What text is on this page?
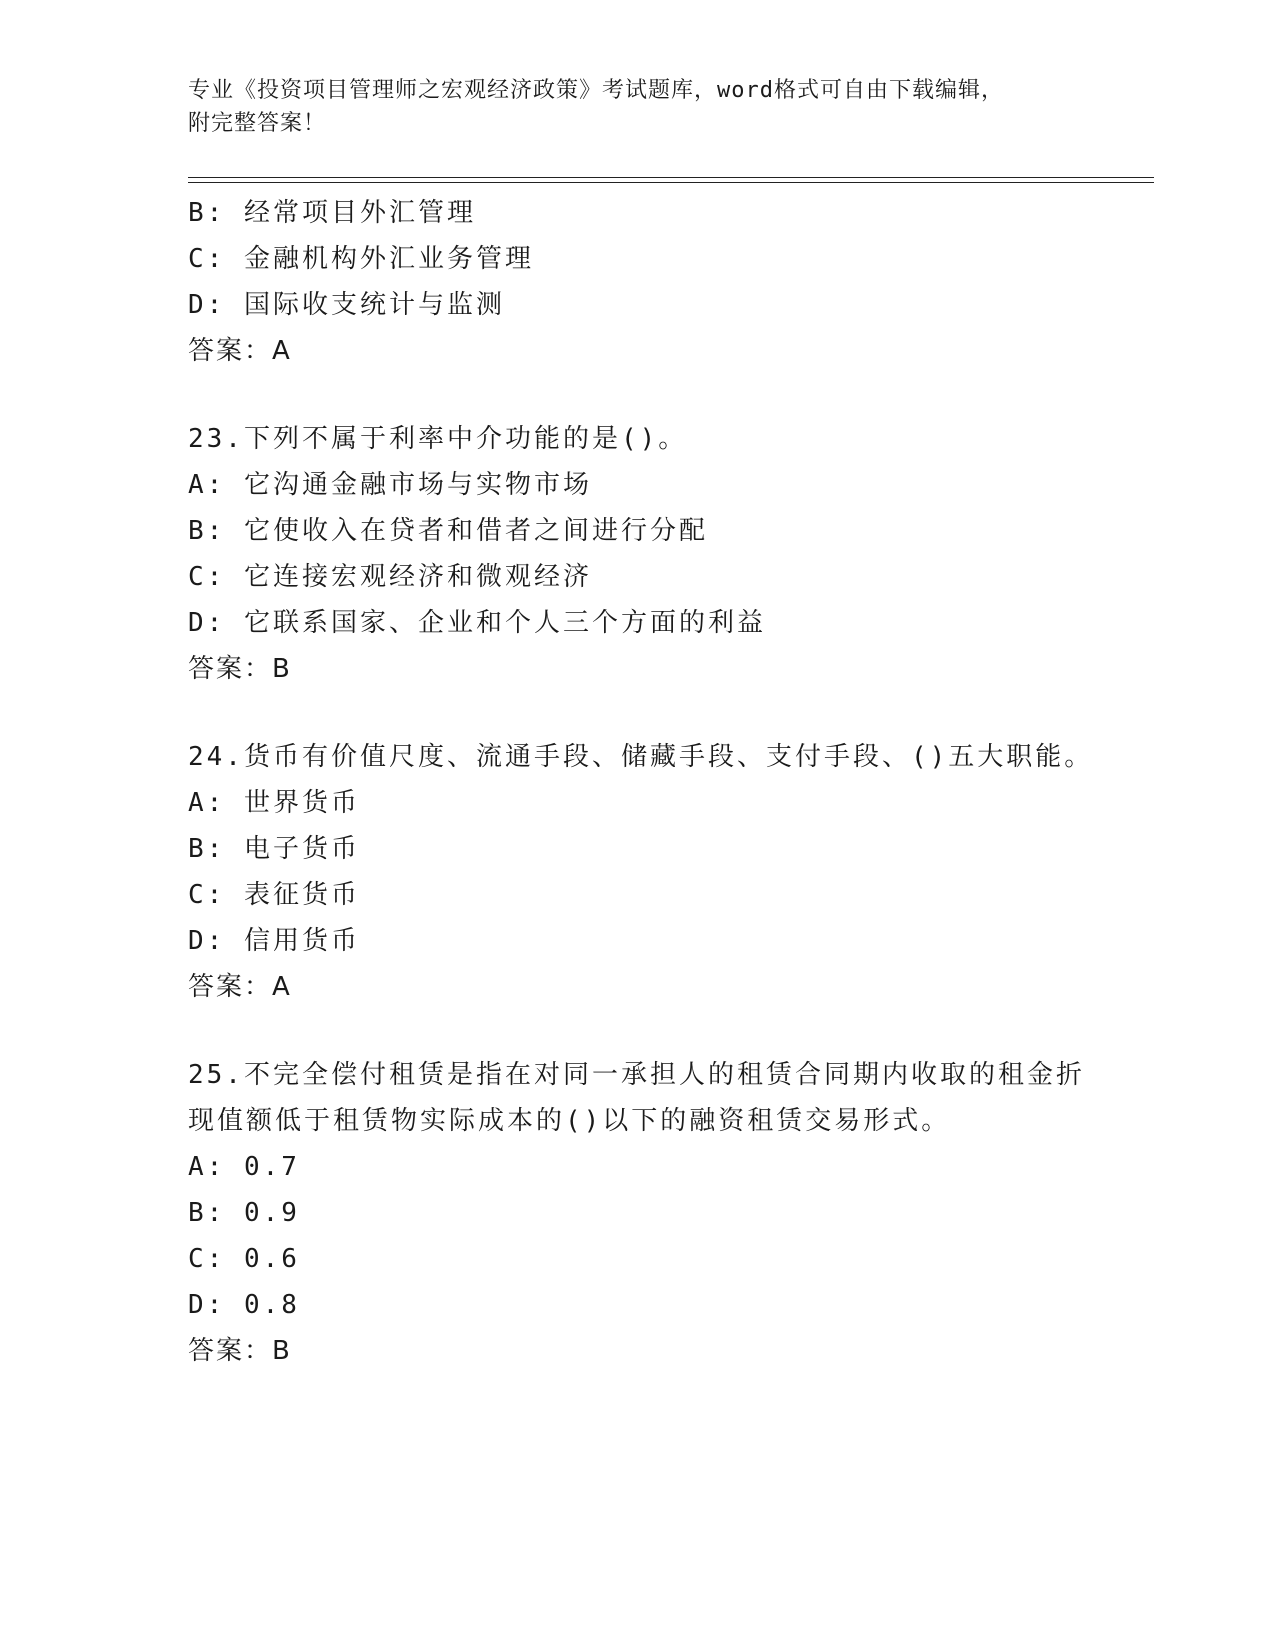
专业《投资项目管理师之宏观经济政策》考试题库，word格式可自由下载编辑，
附完整答案！
B: 经常项目外汇管理
C: 金融机构外汇业务管理
D: 国际收支统计与监测
答案：A
23.下列不属于利率中介功能的是()。
A: 它沟通金融市场与实物市场
B: 它使收入在贷者和借者之间进行分配
C: 它连接宏观经济和微观经济
D: 它联系国家、企业和个人三个方面的利益
答案：B
24.货币有价值尺度、流通手段、储藏手段、支付手段、()五大职能。
A: 世界货币
B: 电子货币
C: 表征货币
D: 信用货币
答案：A
25.不完全偿付租赁是指在对同一承担人的租赁合同期内收取的租金折
现值额低于租赁物实际成本的()以下的融资租赁交易形式。
A: 0.7
B: 0.9
C: 0.6
D: 0.8
答案：B
